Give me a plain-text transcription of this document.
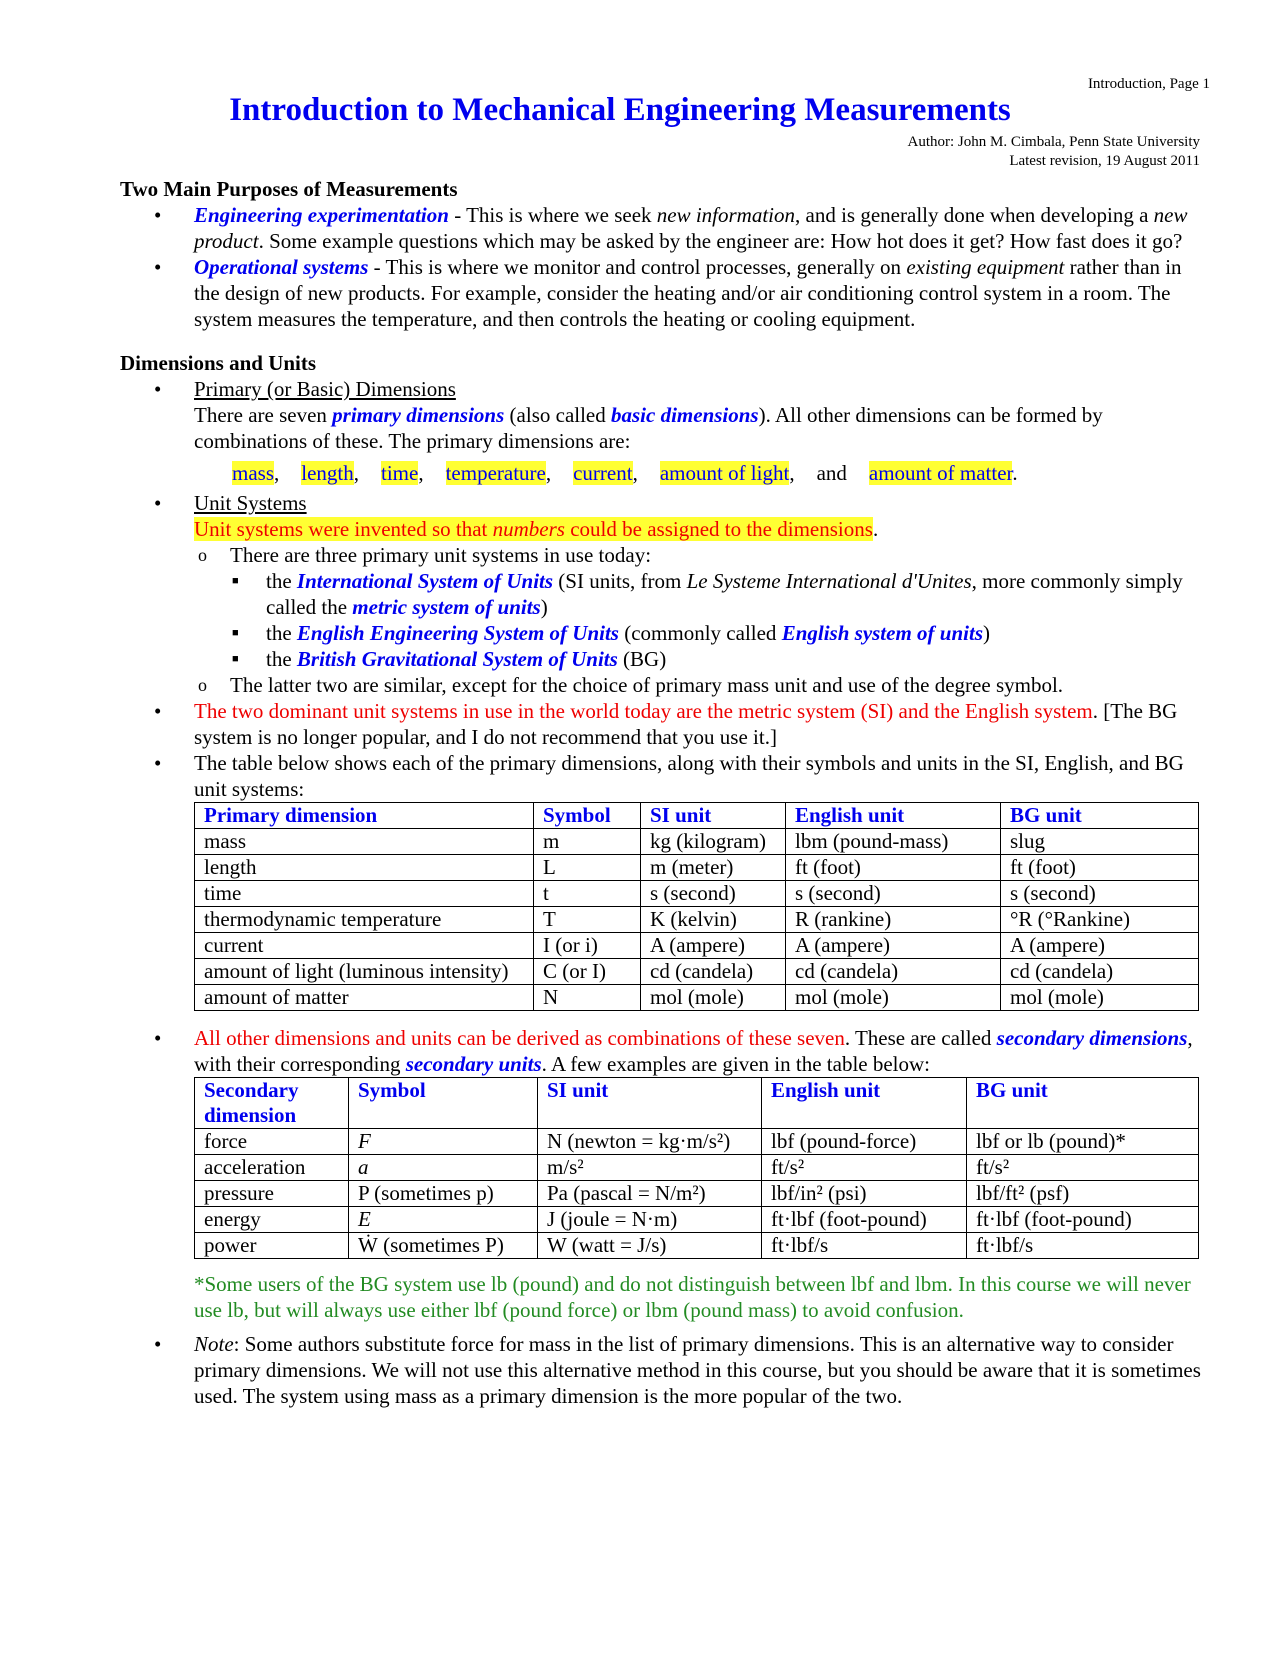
Introduction, Page 1
Introduction to Mechanical Engineering Measurements
Author: John M. Cimbala, Penn State University
Latest revision, 19 August 2011
Two Main Purposes of Measurements
• Engineering experimentation - This is where we seek new information, and is generally done when developing a new product. Some example questions which may be asked by the engineer are: How hot does it get? How fast does it go?
• Operational systems - This is where we monitor and control processes, generally on existing equipment rather than in the design of new products. For example, consider the heating and/or air conditioning control system in a room. The system measures the temperature, and then controls the heating or cooling equipment.
Dimensions and Units
• Primary (or Basic) Dimensions
There are seven primary dimensions (also called basic dimensions). All other dimensions can be formed by combinations of these. The primary dimensions are:
mass, length, time, temperature, current, amount of light, and amount of matter.
• Unit Systems
Unit systems were invented so that numbers could be assigned to the dimensions.
o There are three primary unit systems in use today:
■ the International System of Units (SI units, from Le Systeme International d'Unites, more commonly simply called the metric system of units)
■ the English Engineering System of Units (commonly called English system of units)
■ the British Gravitational System of Units (BG)
o The latter two are similar, except for the choice of primary mass unit and use of the degree symbol.
• The two dominant unit systems in use in the world today are the metric system (SI) and the English system. [The BG system is no longer popular, and I do not recommend that you use it.]
• The table below shows each of the primary dimensions, along with their symbols and units in the SI, English, and BG unit systems:
Primary dimension	Symbol	SI unit	English unit	BG unit
mass	m	kg (kilogram)	lbm (pound-mass)	slug
length	L	m (meter)	ft (foot)	ft (foot)
time	t	s (second)	s (second)	s (second)
thermodynamic temperature	T	K (kelvin)	R (rankine)	°R (°Rankine)
current	I (or i)	A (ampere)	A (ampere)	A (ampere)
amount of light (luminous intensity)	C (or I)	cd (candela)	cd (candela)	cd (candela)
amount of matter	N	mol (mole)	mol (mole)	mol (mole)
• All other dimensions and units can be derived as combinations of these seven. These are called secondary dimensions, with their corresponding secondary units. A few examples are given in the table below:
Secondary dimension	Symbol	SI unit	English unit	BG unit
force	F	N (newton = kg·m/s²)	lbf (pound-force)	lbf or lb (pound)*
acceleration	a	m/s²	ft/s²	ft/s²
pressure	P (sometimes p)	Pa (pascal = N/m²)	lbf/in² (psi)	lbf/ft² (psf)
energy	E	J (joule = N·m)	ft·lbf (foot-pound)	ft·lbf (foot-pound)
power	Ẇ (sometimes P)	W (watt = J/s)	ft·lbf/s	ft·lbf/s
*Some users of the BG system use lb (pound) and do not distinguish between lbf and lbm. In this course we will never use lb, but will always use either lbf (pound force) or lbm (pound mass) to avoid confusion.
• Note: Some authors substitute force for mass in the list of primary dimensions. This is an alternative way to consider primary dimensions. We will not use this alternative method in this course, but you should be aware that it is sometimes used. The system using mass as a primary dimension is the more popular of the two.
